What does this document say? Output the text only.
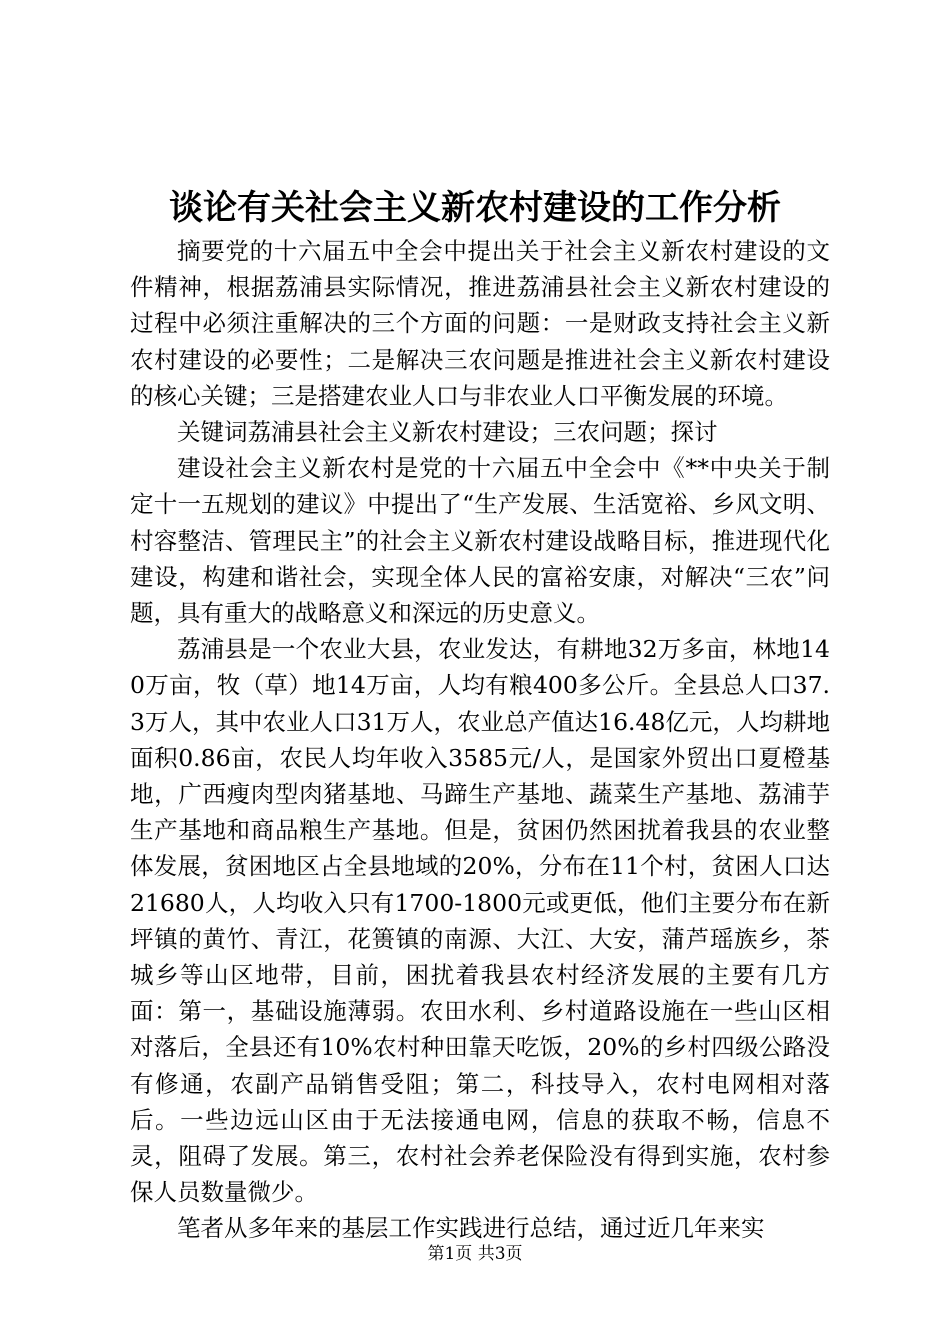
谈论有关社会主义新农村建设的工作分析

摘要党的十六届五中全会中提出关于社会主义新农村建设的文件精神，根据荔浦县实际情况，推进荔浦县社会主义新农村建设的过程中必须注重解决的三个方面的问题：一是财政支持社会主义新农村建设的必要性；二是解决三农问题是推进社会主义新农村建设的核心关键；三是搭建农业人口与非农业人口平衡发展的环境。

关键词荔浦县社会主义新农村建设；三农问题；探讨

建设社会主义新农村是党的十六届五中全会中《**中央关于制定十一五规划的建议》中提出了“生产发展、生活宽裕、乡风文明、村容整洁、管理民主”的社会主义新农村建设战略目标，推进现代化建设，构建和谐社会，实现全体人民的富裕安康，对解决“三农”问题，具有重大的战略意义和深远的历史意义。

荔浦县是一个农业大县，农业发达，有耕地32万多亩，林地140万亩，牧（草）地14万亩，人均有粮400多公斤。全县总人口37.3万人，其中农业人口31万人，农业总产值达16.48亿元，人均耕地面积0.86亩，农民人均年收入3585元/人，是国家外贸出口夏橙基地，广西瘦肉型肉猪基地、马蹄生产基地、蔬菜生产基地、荔浦芋生产基地和商品粮生产基地。但是，贫困仍然困扰着我县的农业整体发展，贫困地区占全县地域的20%，分布在11个村，贫困人口达21680人，人均收入只有1700-1800元或更低，他们主要分布在新坪镇的黄竹、青江，花篑镇的南源、大江、大安，蒲芦瑶族乡，茶城乡等山区地带，目前，困扰着我县农村经济发展的主要有几方面：第一，基础设施薄弱。农田水利、乡村道路设施在一些山区相对落后，全县还有10%农村种田靠天吃饭，20%的乡村四级公路没有修通，农副产品销售受阻；第二，科技导入，农村电网相对落后。一些边远山区由于无法接通电网，信息的获取不畅，信息不灵，阻碍了发展。第三，农村社会养老保险没有得到实施，农村参保人员数量微少。

笔者从多年来的基层工作实践进行总结，通过近几年来实

第1页 共3页
